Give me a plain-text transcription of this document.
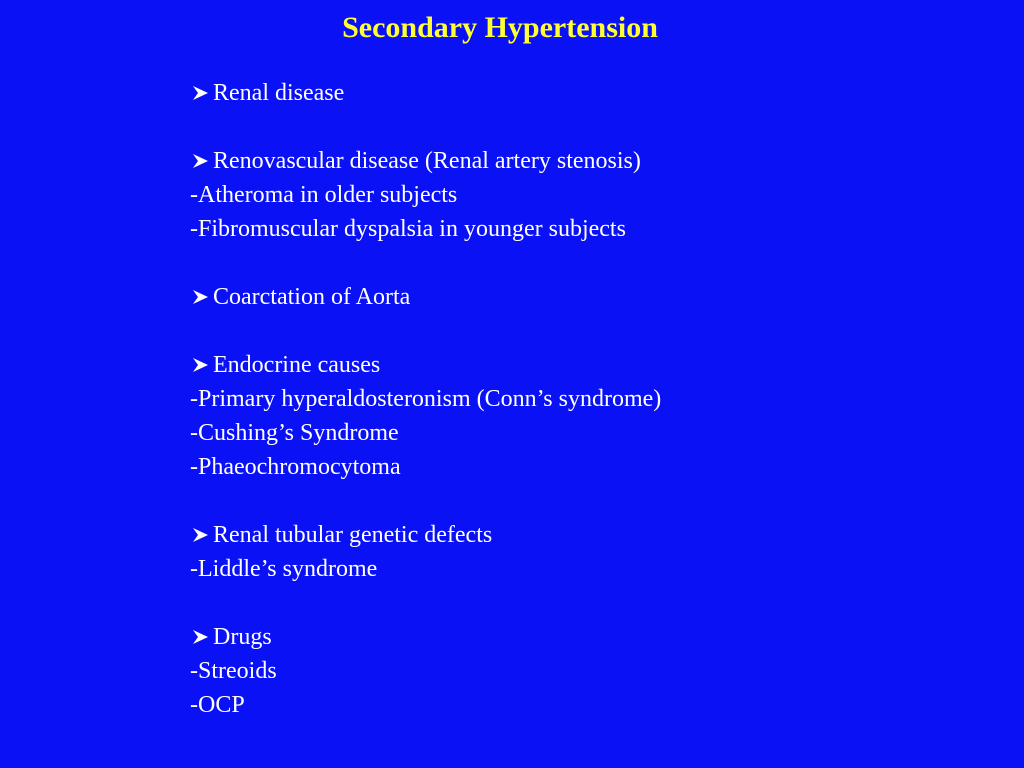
Secondary Hypertension
Renal disease
Renovascular disease (Renal artery stenosis)
-Atheroma in older subjects
-Fibromuscular dyspalsia in younger subjects
Coarctation of Aorta
Endocrine causes
-Primary hyperaldosteronism (Conn’s syndrome)
-Cushing’s Syndrome
-Phaeochromocytoma
Renal tubular genetic defects
-Liddle’s syndrome
Drugs
-Streoids
-OCP
